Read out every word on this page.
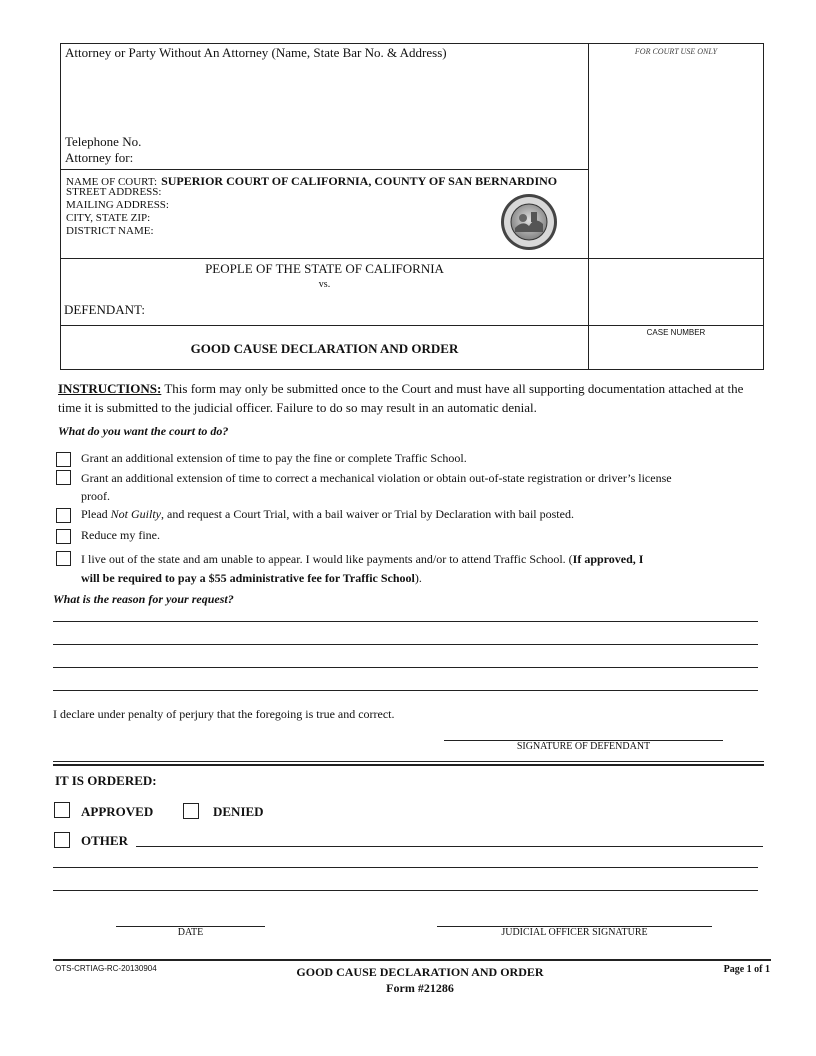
Attorney or Party Without An Attorney (Name, State Bar No. & Address)	FOR COURT USE ONLY
Telephone No.
Attorney for:
NAME OF COURT: SUPERIOR COURT OF CALIFORNIA, COUNTY OF SAN BERNARDINO
STREET ADDRESS:
MAILING ADDRESS:
CITY, STATE ZIP:
DISTRICT NAME:
PEOPLE OF THE STATE OF CALIFORNIA
vs.
DEFENDANT:
GOOD CAUSE DECLARATION AND ORDER
CASE NUMBER
INSTRUCTIONS: This form may only be submitted once to the Court and must have all supporting documentation attached at the
time it is submitted to the judicial officer. Failure to do so may result in an automatic denial.
What do you want the court to do?
Grant an additional extension of time to pay the fine or complete Traffic School.
Grant an additional extension of time to correct a mechanical violation or obtain out-of-state registration or driver’s license
proof.
Plead Not Guilty, and request a Court Trial, with a bail waiver or Trial by Declaration with bail posted.
Reduce my fine.
I live out of the state and am unable to appear. I would like payments and/or to attend Traffic School. (If approved, I
will be required to pay a $55 administrative fee for Traffic School).
What is the reason for your request?
I declare under penalty of perjury that the foregoing is true and correct.
SIGNATURE OF DEFENDANT
IT IS ORDERED:
APPROVED	DENIED
OTHER
DATE	JUDICIAL OFFICER SIGNATURE
OTS-CRTIAG-RC-20130904	GOOD CAUSE DECLARATION AND ORDER
Form #21286
Page 1 of 1
